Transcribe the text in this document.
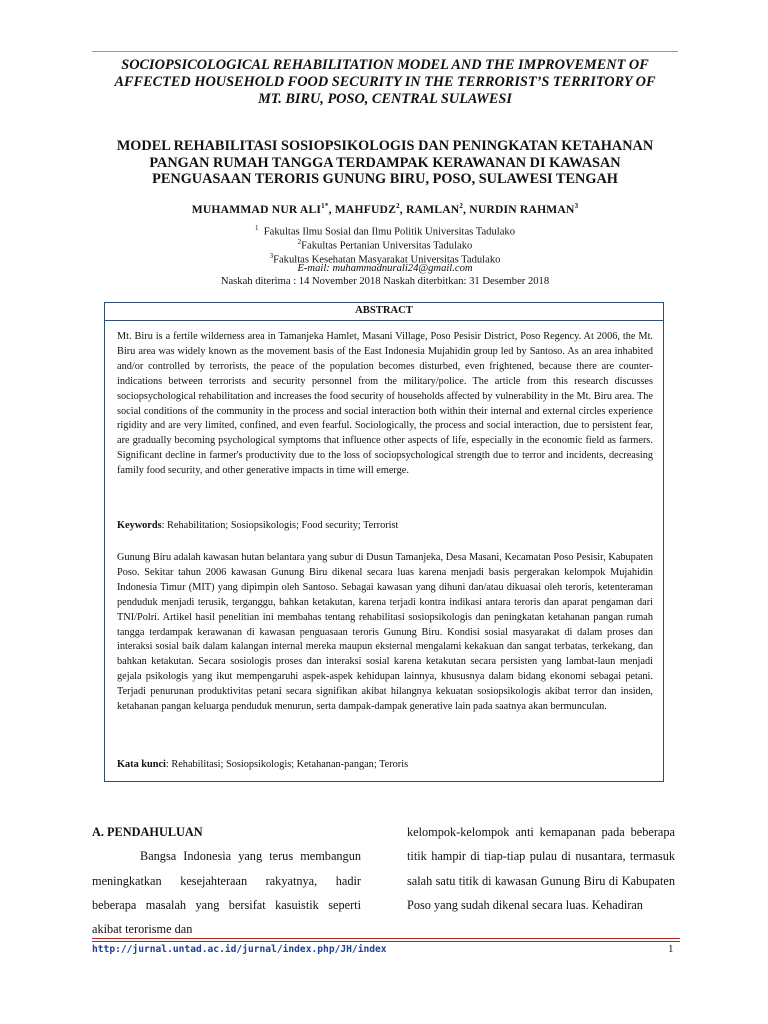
SOCIOPSICOLOGICAL REHABILITATION MODEL AND THE IMPROVEMENT OF
AFFECTED HOUSEHOLD FOOD SECURITY IN THE TERRORIST’S TERRITORY OF
MT. BIRU, POSO, CENTRAL SULAWESI
MODEL REHABILITASI SOSIOPSIKOLOGIS DAN PENINGKATAN KETAHANAN
PANGAN RUMAH TANGGA TERDAMPAK KERAWANAN DI KAWASAN
PENGUASAAN TERORIS GUNUNG BIRU, POSO, SULAWESI TENGAH
MUHAMMAD NUR $ALI^{1*}$, MAHFUDZ$^2$, RAMLAN$^2$, NURDIN RAHMAN$^3$
$^1$ Fakultas Ilmu Sosial dan Ilmu Politik Universitas Tadulako
$^2$Fakultas Pertanian Universitas Tadulako
$^3$Fakultas Kesehatan Masyarakat Universitas Tadulako
E-mail: muhammadnurali24@gmail.com
Naskah diterima : 14 November 2018 Naskah diterbitkan: 31 Desember 2018
ABSTRACT

Mt. Biru is a fertile wilderness area in Tamanjeka Hamlet, Masani Village, Poso Pesisir District, Poso Regency. At 2006, the Mt. Biru area was widely known as the movement basis of the East Indonesia Mujahidin group led by Santoso. As an area inhabited and/or controlled by terrorists, the peace of the population becomes disturbed, even frightened, because there are counter-indications between terrorists and security personnel from the military/police. The article from this research discusses sociopsychological rehabilitation and increases the food security of households affected by vulnerability in the Mt. Biru area. The social conditions of the community in the process and social interaction both within their internal and external circles experience rigidity and are very limited, confined, and even fearful. Sociologically, the process and social interaction, due to persistent fear, are gradually becoming psychological symptoms that influence other aspects of life, especially in the economic field as farmers. Significant decline in farmer's productivity due to the loss of sociopsychological strength due to terror and incidents, decreasing family food security, and other generative impacts in time will emerge.

Keywords: Rehabilitation; Sosiopsikologis; Food security; Terrorist

Gunung Biru adalah kawasan hutan belantara yang subur di Dusun Tamanjeka, Desa Masani, Kecamatan Poso Pesisir, Kabupaten Poso. Sekitar tahun 2006 kawasan Gunung Biru dikenal secara luas karena menjadi basis pergerakan kelompok Mujahidin Indonesia Timur (MIT) yang dipimpin oleh Santoso. Sebagai kawasan yang dihuni dan/atau dikuasai oleh teroris, ketenteraman penduduk menjadi terusik, terganggu, bahkan ketakutan, karena terjadi kontra indikasi antara teroris dan aparat pengaman dari TNI/Polri. Artikel hasil penelitian ini membahas tentang rehabilitasi sosiopsikologis dan peningkatan ketahanan pangan rumah tangga terdampak kerawanan di kawasan penguasaan teroris Gunung Biru. Kondisi sosial masyarakat di dalam proses dan interaksi sosial baik dalam kalangan internal mereka maupun eksternal mengalami kekakuan dan sangat terbatas, terkekang, dan bahkan ketakutan. Secara sosiologis proses dan interaksi sosial karena ketakutan secara persisten yang lambat-laun menjadi gejala psikologis yang ikut mempengaruhi aspek-aspek kehidupan lainnya, khususnya dalam bidang ekonomi sebagai petani. Terjadi penurunan produktivitas petani secara signifikan akibat hilangnya kekuatan sosiopsikologis akibat terror dan insiden, ketahanan pangan keluarga penduduk menurun, serta dampak-dampak generative lain pada saatnya akan bermunculan.

Kata kunci: Rehabilitasi; Sosiopsikologis; Ketahanan-pangan; Teroris

A. PENDAHULUAN

Bangsa Indonesia yang terus membangun meningkatkan kesejahteraan rakyatnya, hadir beberapa masalah yang bersifat kasuistik seperti akibat terorisme dan

kelompok-kelompok anti kemapanan pada beberapa titik hampir di tiap-tiap pulau di nusantara, termasuk salah satu titik di kawasan Gunung Biru di Kabupaten Poso yang sudah dikenal secara luas. Kehadiran

http://jurnal.untad.ac.id/jurnal/index.php/JH/index	1
